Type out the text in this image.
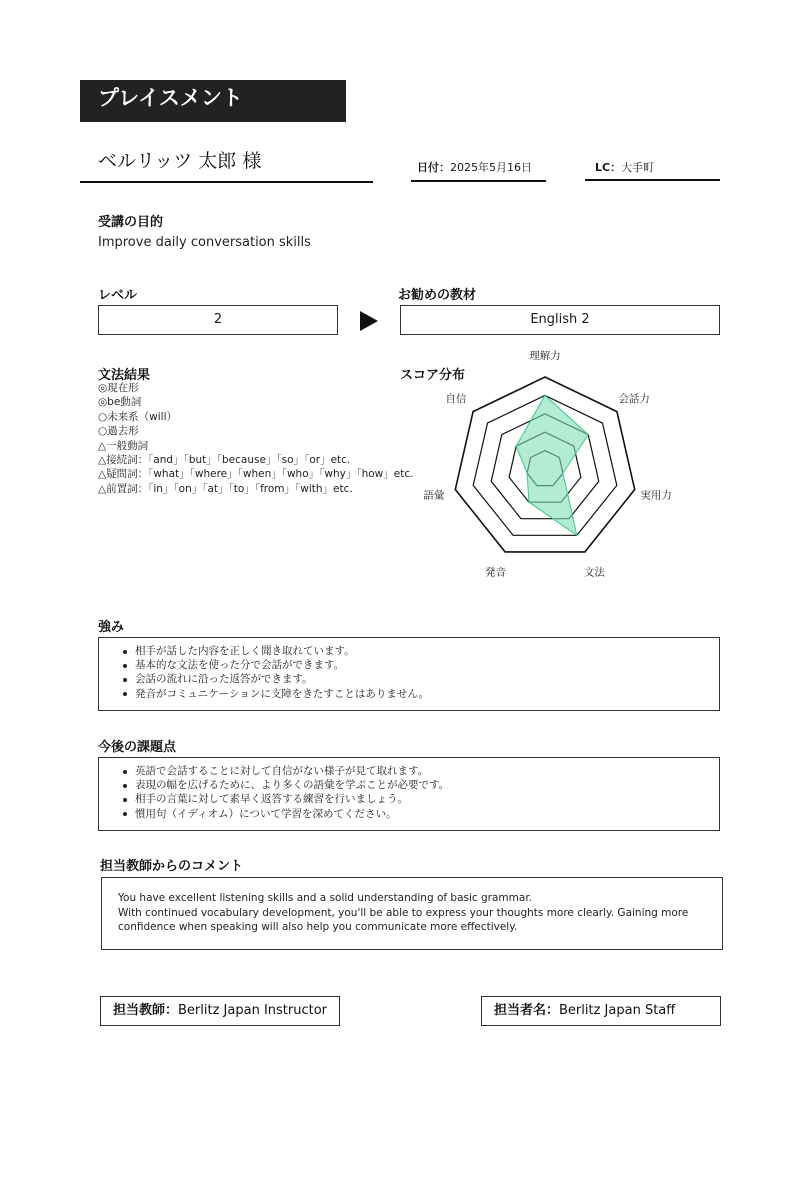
プレイスメント
ベルリッツ 太郎 様	日付：2025年5月16日	LC：大手町
受講の目的
Improve daily conversation skills
レベル
2
お勧めの教材
English 2
文法結果
◎現在形
◎be動詞
○未来系（will）
○過去形
△一般動詞
△接続詞：「and」「but」「because」「so」「or」etc.
△疑問詞：「what」「where」「when」「who」「why」「how」etc.
△前置詞：「in」「on」「at」「to」「from」「with」etc.
スコア分布
理解力
会話力
実用力
文法
発音
語彙
自信
強み
相手が話した内容を正しく聞き取れています。
基本的な文法を使った分で会話ができます。
会話の流れに沿った返答ができます。
発音がコミュニケーションに支障をきたすことはありません。
今後の課題点
英語で会話することに対して自信がない様子が見て取れます。
表現の幅を広げるために、より多くの語彙を学ぶことが必要です。
相手の言葉に対して素早く返答する練習を行いましょう。
慣用句（イディオム）について学習を深めてください。
担当教師からのコメント
You have excellent listening skills and a solid understanding of basic grammar.
With continued vocabulary development, you'll be able to express your thoughts more clearly. Gaining more
confidence when speaking will also help you communicate more effectively.
担当教師：Berlitz Japan Instructor	担当者名：Berlitz Japan Staff
